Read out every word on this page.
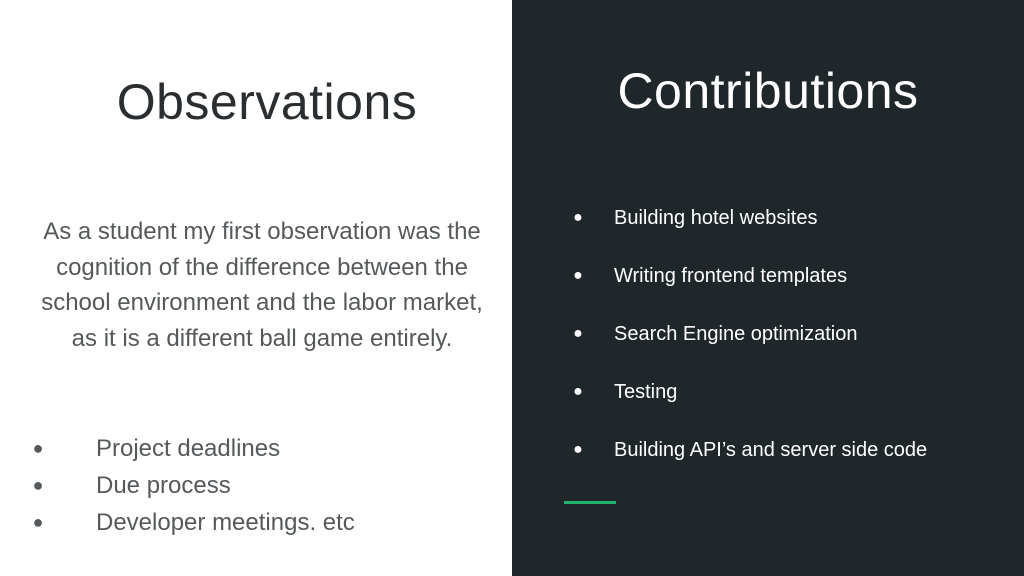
Observations

As a student my first observation was the cognition of the difference between the school environment and the labor market, as it is a different ball game entirely.

● Project deadlines
● Due process
● Developer meetings. etc
Contributions
● Building hotel websites
● Writing frontend templates
● Search Engine optimization
● Testing
● Building API’s and server side code
